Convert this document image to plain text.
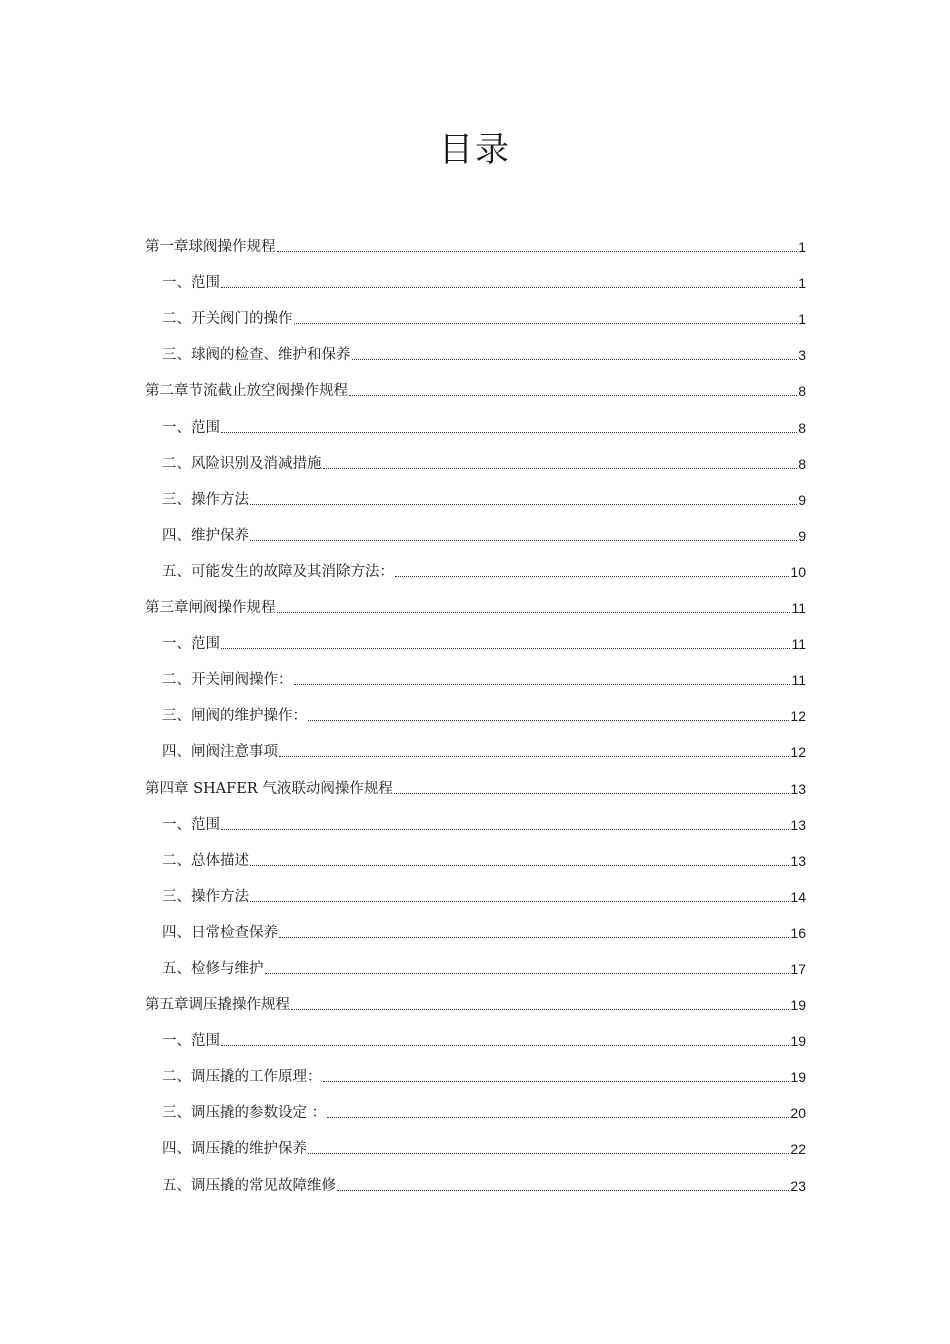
目录
第一章球阀操作规程	1
一、范围	1
二、开关阀门的操作	1
三、球阀的检查、维护和保养	3
第二章节流截止放空阀操作规程	8
一、范围	8
二、风险识别及消减措施	8
三、操作方法	9
四、维护保养	9
五、可能发生的故障及其消除方法：	10
第三章闸阀操作规程	11
一、范围	11
二、开关闸阀操作：	11
三、闸阀的维护操作：	12
四、闸阀注意事项	12
第四章 SHAFER 气液联动阀操作规程	13
一、范围	13
二、总体描述	13
三、操作方法	14
四、日常检查保养	16
五、检修与维护	17
第五章调压撬操作规程	19
一、范围	19
二、调压撬的工作原理：	19
三、调压撬的参数设定 ：	20
四、调压撬的维护保养	22
五、调压撬的常见故障维修	23
